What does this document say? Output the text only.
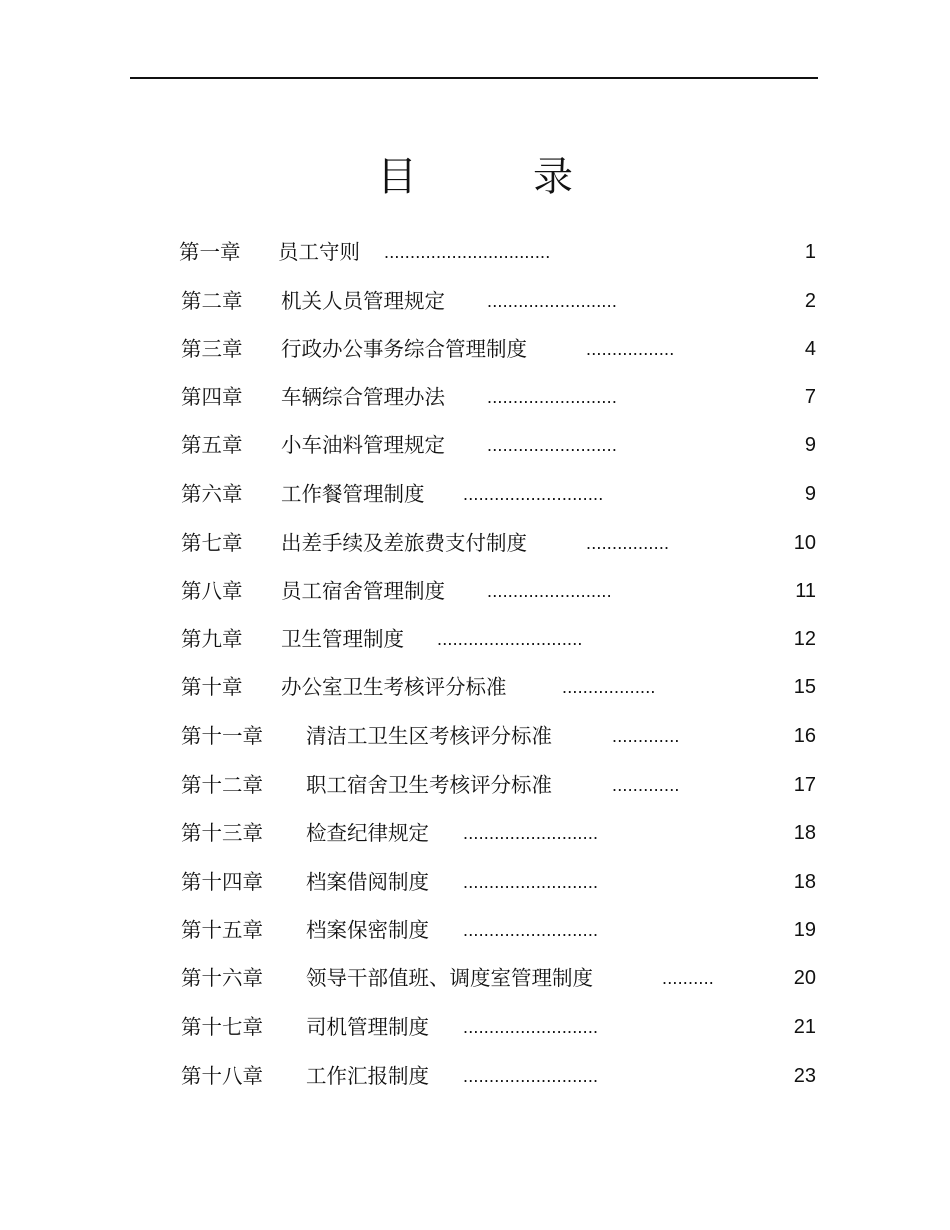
目　录
第一章 员工守则 ................................	1
第二章 机关人员管理规定 .........................	2
第三章 行政办公事务综合管理制度	.................	4
第四章 车辆综合管理办法 .........................	7
第五章 小车油料管理规定 .........................	9
第六章 工作餐管理制度 ...........................	9
第七章 出差手续及差旅费支付制度	................	10
第八章 员工宿舍管理制度 ........................	11
第九章 卫生管理制度 ............................	12
第十章 办公室卫生考核评分标准	..................	15
第十一章 清洁工卫生区考核评分标准	.............	16
第十二章 职工宿舍卫生考核评分标准	.............	17
第十三章 检查纪律规定 ..........................	18
第十四章 档案借阅制度 ..........................	18
第十五章 档案保密制度 ..........................	19
第十六章 领导干部值班、调度室管理制度	..........	20
第十七章 司机管理制度 ..........................	21
第十八章 工作汇报制度 ..........................	23
